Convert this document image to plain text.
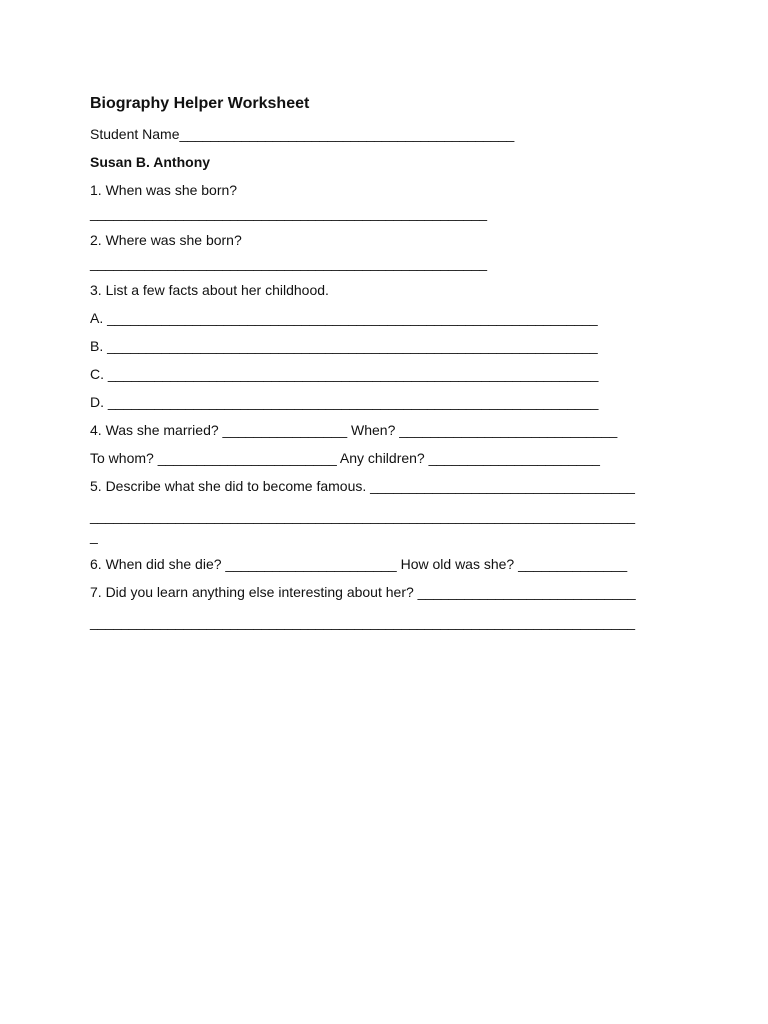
Biography Helper Worksheet
Student Name___________________________________________
Susan B. Anthony
1. When was she born?
___________________________________________________
2. Where was she born?
___________________________________________________
3. List a few facts about her childhood.
A. _______________________________________________________________
B. _______________________________________________________________
C. _______________________________________________________________
D. _______________________________________________________________
4. Was she married? ________________ When? ____________________________
To whom? _______________________ Any children? ______________________
5. Describe what she did to become famous. __________________________________
______________________________________________________________________
_
6. When did she die? ______________________ How old was she? ______________
7. Did you learn anything else interesting about her? ____________________________
______________________________________________________________________
